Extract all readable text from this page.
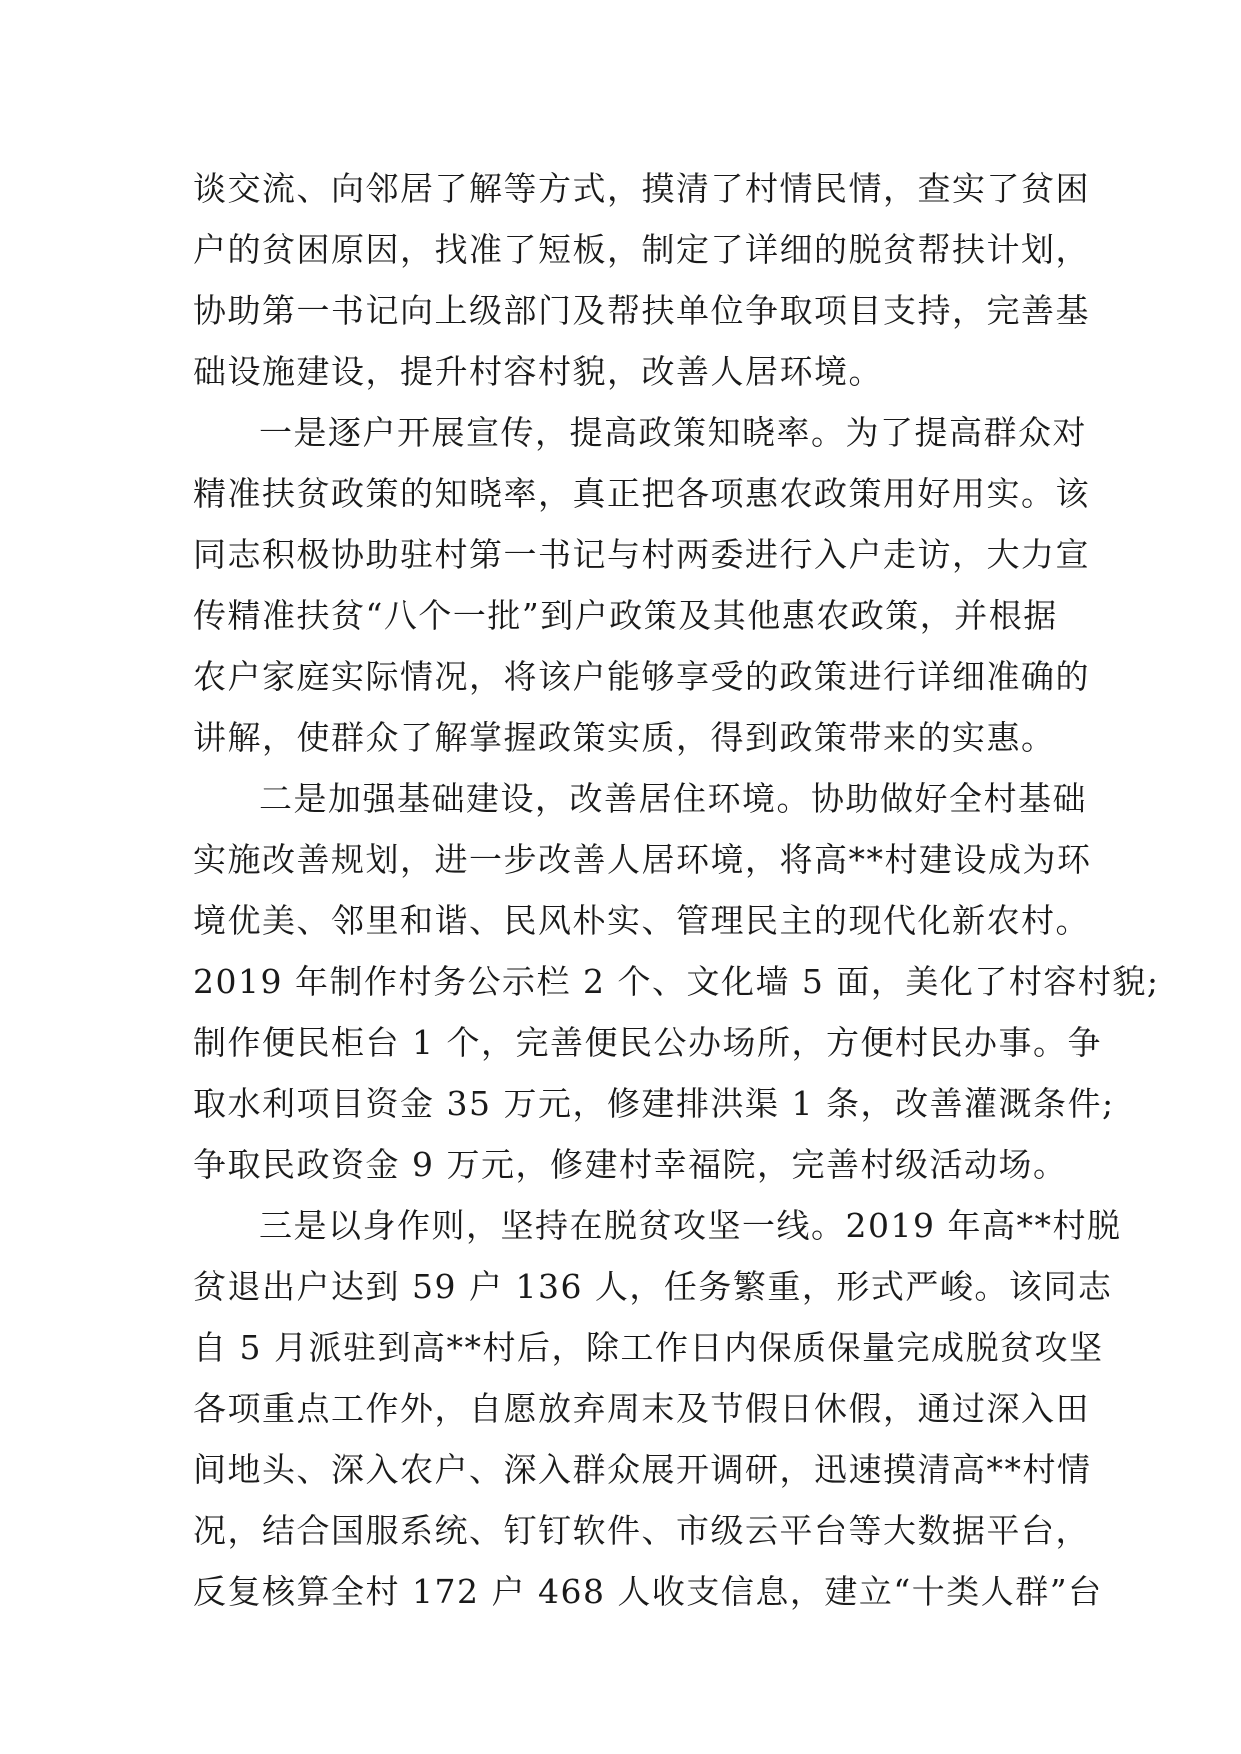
谈交流、向邻居了解等方式，摸清了村情民情，查实了贫困
户的贫困原因，找准了短板，制定了详细的脱贫帮扶计划，
协助第一书记向上级部门及帮扶单位争取项目支持，完善基
础设施建设，提升村容村貌，改善人居环境。
一是逐户开展宣传，提高政策知晓率。为了提高群众对
精准扶贫政策的知晓率，真正把各项惠农政策用好用实。该
同志积极协助驻村第一书记与村两委进行入户走访，大力宣
传精准扶贫“八个一批”到户政策及其他惠农政策，并根据
农户家庭实际情况，将该户能够享受的政策进行详细准确的
讲解，使群众了解掌握政策实质，得到政策带来的实惠。
二是加强基础建设，改善居住环境。协助做好全村基础
实施改善规划，进一步改善人居环境，将高**村建设成为环
境优美、邻里和谐、民风朴实、管理民主的现代化新农村。
2019 年制作村务公示栏 2 个、文化墙 5 面，美化了村容村貌;
制作便民柜台 1 个，完善便民公办场所，方便村民办事。争
取水利项目资金 35 万元，修建排洪渠 1 条，改善灌溉条件;
争取民政资金 9 万元，修建村幸福院，完善村级活动场。
三是以身作则，坚持在脱贫攻坚一线。2019 年高**村脱
贫退出户达到 59 户 136 人，任务繁重，形式严峻。该同志
自 5 月派驻到高**村后，除工作日内保质保量完成脱贫攻坚
各项重点工作外，自愿放弃周末及节假日休假，通过深入田
间地头、深入农户、深入群众展开调研，迅速摸清高**村情
况，结合国服系统、钉钉软件、市级云平台等大数据平台，
反复核算全村 172 户 468 人收支信息，建立“十类人群”台
